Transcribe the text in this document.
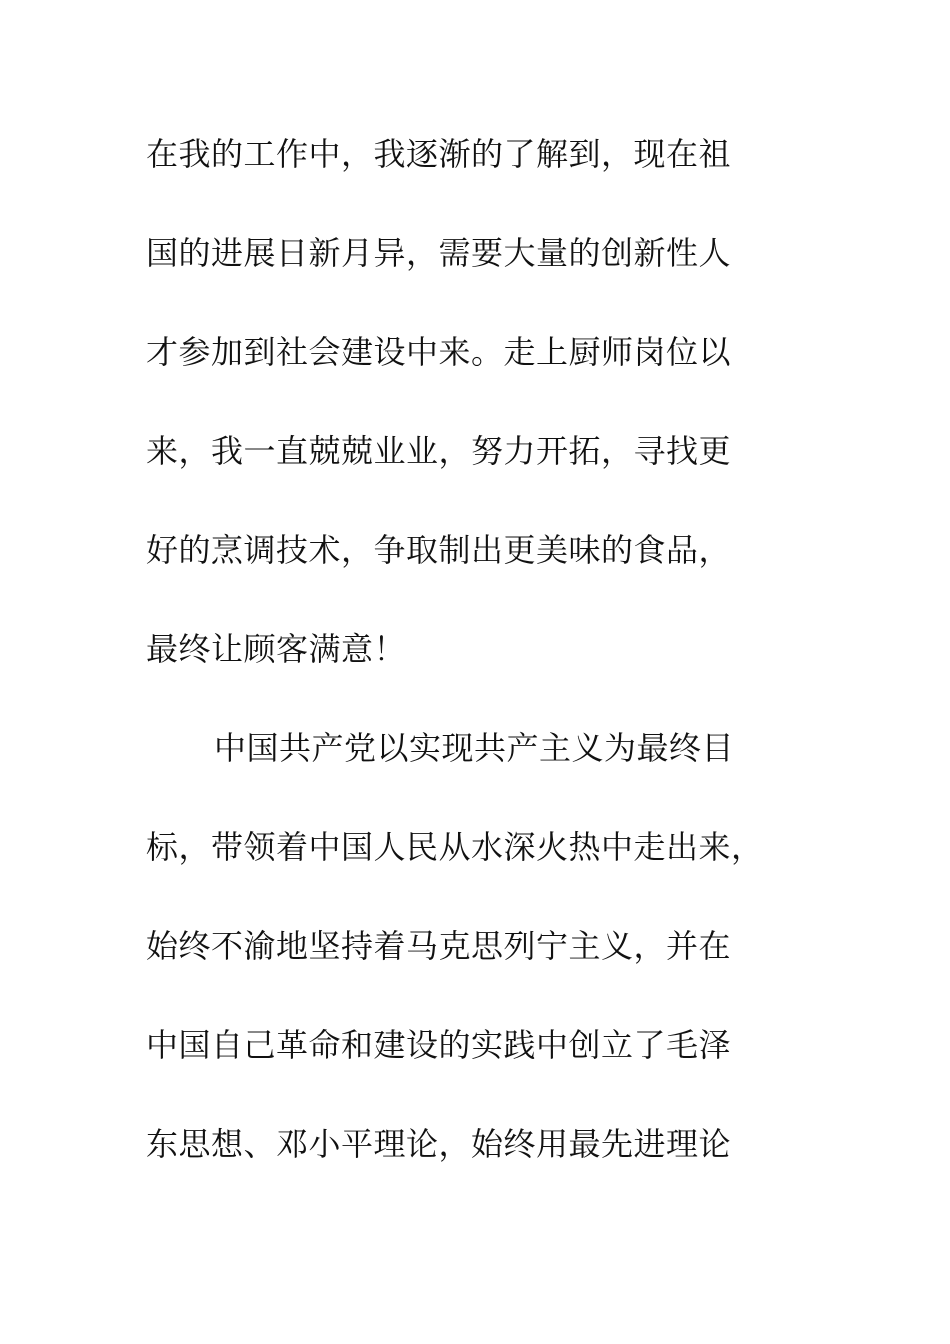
在我的工作中，我逐渐的了解到，现在祖
国的进展日新月异，需要大量的创新性人
才参加到社会建设中来。走上厨师岗位以
来，我一直兢兢业业，努力开拓，寻找更
好的烹调技术，争取制出更美味的食品，
最终让顾客满意！
中国共产党以实现共产主义为最终目
标，带领着中国人民从水深火热中走出来，
始终不渝地坚持着马克思列宁主义，并在
中国自己革命和建设的实践中创立了毛泽
东思想、邓小平理论，始终用最先进理论
